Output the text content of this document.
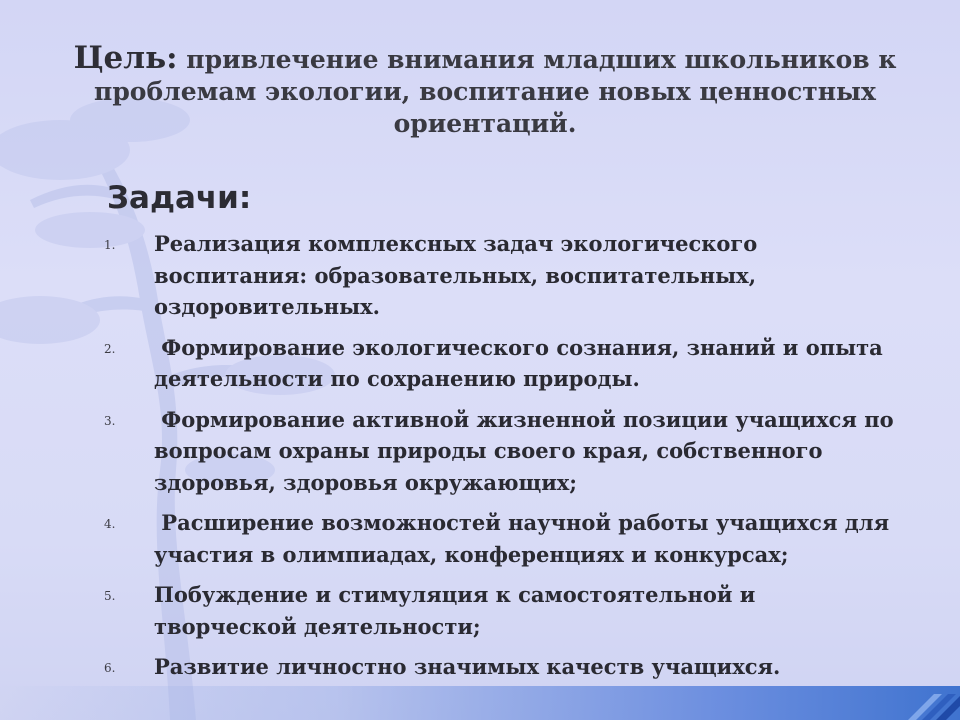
Цель: привлечение внимания младших школьников к проблемам экологии, воспитание новых ценностных ориентаций.
Задачи:
1.	Реализация комплексных задач экологического воспитания: образовательных, воспитательных, оздоровительных.
2.	Формирование экологического сознания, знаний и опыта деятельности по сохранению природы.
3.	Формирование активной жизненной позиции учащихся по вопросам охраны природы своего края, собственного здоровья, здоровья окружающих;
4.	Расширение возможностей научной работы учащихся для участия в олимпиадах, конференциях и конкурсах;
5.	Побуждение и стимуляция к самостоятельной и творческой деятельности;
6.	Развитие личностно значимых качеств учащихся.
